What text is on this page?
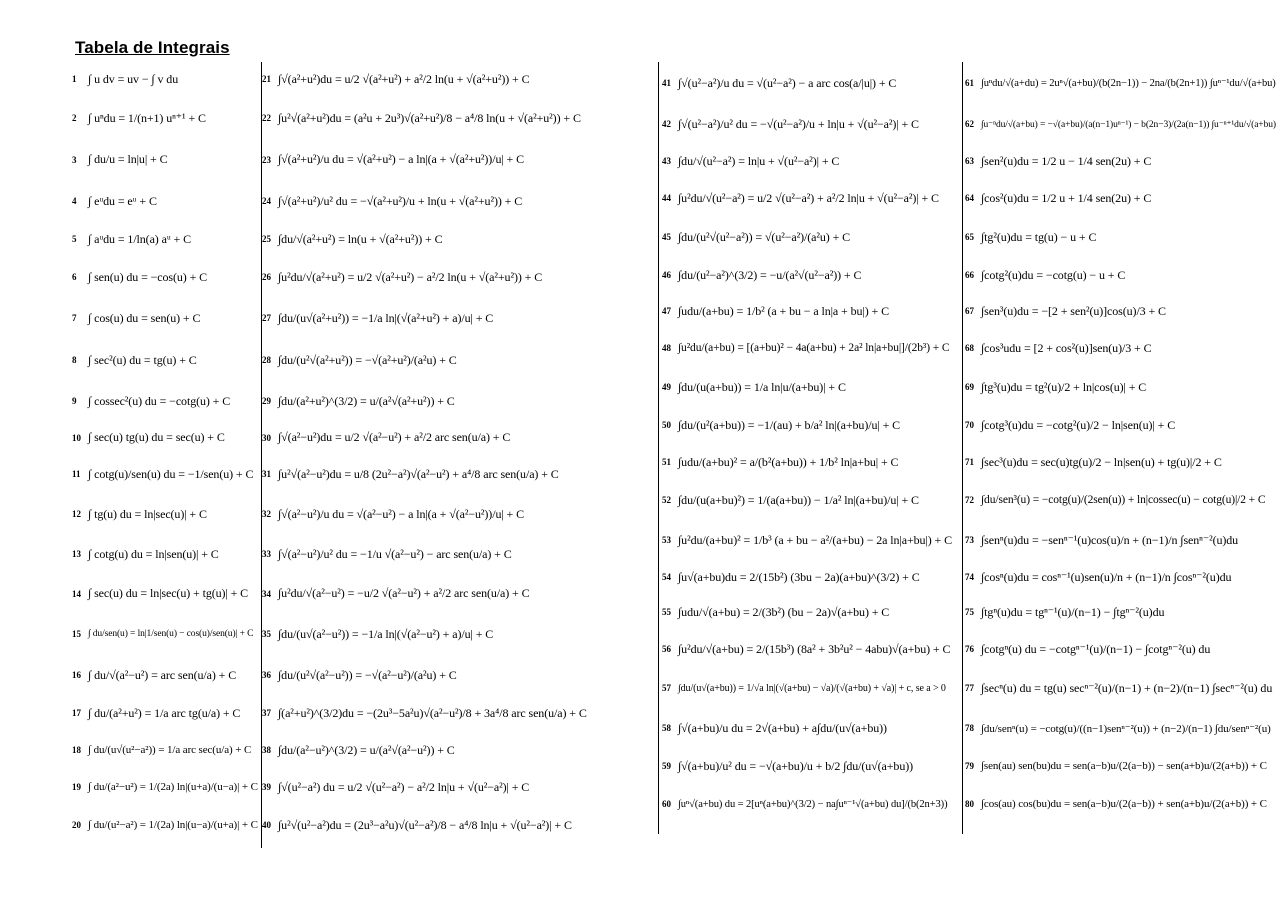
Tabela de Integrais
1 ∫ u dv = uv − ∫ v du
2 ∫ uⁿdu = 1/(n+1) uⁿ⁺¹ + C
3 ∫ du/u = ln|u| + C
4 ∫ eᵘdu = eᵘ + C
5 ∫ aᵘdu = 1/ln(a) aᵘ + C
6 ∫ sen(u) du = −cos(u) + C
7 ∫ cos(u) du = sen(u) + C
8 ∫ sec²(u) du = tg(u) + C
9 ∫ cossec²(u) du = −cotg(u) + C
10 ∫ sec(u) tg(u) du = sec(u) + C
11 ∫ cotg(u)/sen(u) du = −1/sen(u) + C
12 ∫ tg(u) du = ln|sec(u)| + C
13 ∫ cotg(u) du = ln|sen(u)| + C
14 ∫ sec(u) du = ln|sec(u) + tg(u)| + C
15 ∫ du/sen(u) = ln|1/sen(u) − cos(u)/sen(u)| + C
16 ∫ du/√(a²−u²) = arc sen(u/a) + C
17 ∫ du/(a²+u²) = 1/a arc tg(u/a) + C
18 ∫ du/(u√(u²−a²)) = 1/a arc sec(u/a) + C
19 ∫ du/(a²−u²) = 1/(2a) ln|(u+a)/(u−a)| + C
20 ∫ du/(u²−a²) = 1/(2a) ln|(u−a)/(u+a)| + C
21 ∫√(a²+u²)du = u/2 √(a²+u²) + a²/2 ln(u + √(a²+u²)) + C
22 ∫u²√(a²+u²)du = (a²u + 2u³)√(a²+u²)/8 − a⁴/8 ln(u + √(a²+u²)) + C
23 ∫√(a²+u²)/u du = √(a²+u²) − a ln|(a + √(a²+u²))/u| + C
24 ∫√(a²+u²)/u² du = −√(a²+u²)/u + ln(u + √(a²+u²)) + C
25 ∫du/√(a²+u²) = ln(u + √(a²+u²)) + C
26 ∫u²du/√(a²+u²) = u/2 √(a²+u²) − a²/2 ln(u + √(a²+u²)) + C
27 ∫du/(u√(a²+u²)) = −1/a ln|(√(a²+u²) + a)/u| + C
28 ∫du/(u²√(a²+u²)) = −√(a²+u²)/(a²u) + C
29 ∫du/(a²+u²)^(3/2) = u/(a²√(a²+u²)) + C
30 ∫√(a²−u²)du = u/2 √(a²−u²) + a²/2 arc sen(u/a) + C
31 ∫u²√(a²−u²)du = u/8 (2u²−a²)√(a²−u²) + a⁴/8 arc sen(u/a) + C
32 ∫√(a²−u²)/u du = √(a²−u²) − a ln|(a + √(a²−u²))/u| + C
33 ∫√(a²−u²)/u² du = −1/u √(a²−u²) − arc sen(u/a) + C
34 ∫u²du/√(a²−u²) = −u/2 √(a²−u²) + a²/2 arc sen(u/a) + C
35 ∫du/(u√(a²−u²)) = −1/a ln|(√(a²−u²) + a)/u| + C
36 ∫du/(u²√(a²−u²)) = −√(a²−u²)/(a²u) + C
37 ∫(a²+u²)^(3/2)du = −(2u³−5a²u)√(a²−u²)/8 + 3a⁴/8 arc sen(u/a) + C
38 ∫du/(a²−u²)^(3/2) = u/(a²√(a²−u²)) + C
39 ∫√(u²−a²) du = u/2 √(u²−a²) − a²/2 ln|u + √(u²−a²)| + C
40 ∫u²√(u²−a²)du = (2u³−a²u)√(u²−a²)/8 − a⁴/8 ln|u + √(u²−a²)| + C
41 ∫√(u²−a²)/u du = √(u²−a²) − a arc cos(a/|u|) + C
42 ∫√(u²−a²)/u² du = −√(u²−a²)/u + ln|u + √(u²−a²)| + C
43 ∫du/√(u²−a²) = ln|u + √(u²−a²)| + C
44 ∫u²du/√(u²−a²) = u/2 √(u²−a²) + a²/2 ln|u + √(u²−a²)| + C
45 ∫du/(u²√(u²−a²)) = √(u²−a²)/(a²u) + C
46 ∫du/(u²−a²)^(3/2) = −u/(a²√(u²−a²)) + C
47 ∫udu/(a+bu) = 1/b² (a + bu − a ln|a + bu|) + C
48 ∫u²du/(a+bu) = [(a+bu)² − 4a(a+bu) + 2a² ln|a+bu|]/(2b³) + C
49 ∫du/(u(a+bu)) = 1/a ln|u/(a+bu)| + C
50 ∫du/(u²(a+bu)) = −1/(au) + b/a² ln|(a+bu)/u| + C
51 ∫udu/(a+bu)² = a/(b²(a+bu)) + 1/b² ln|a+bu| + C
52 ∫du/(u(a+bu)²) = 1/(a(a+bu)) − 1/a² ln|(a+bu)/u| + C
53 ∫u²du/(a+bu)² = 1/b³ (a + bu − a²/(a+bu) − 2a ln|a+bu|) + C
54 ∫u√(a+bu)du = 2/(15b²) (3bu − 2a)(a+bu)^(3/2) + C
55 ∫udu/√(a+bu) = 2/(3b²) (bu − 2a)√(a+bu) + C
56 ∫u²du/√(a+bu) = 2/(15b³) (8a² + 3b²u² − 4abu)√(a+bu) + C
57 ∫du/(u√(a+bu)) = 1/√a ln|(√(a+bu) − √a)/(√(a+bu) + √a)| + c, se a > 0
58 ∫√(a+bu)/u du = 2√(a+bu) + a∫du/(u√(a+bu))
59 ∫√(a+bu)/u² du = −√(a+bu)/u + b/2 ∫du/(u√(a+bu))
60 ∫uⁿ√(a+bu) du = 2[uⁿ(a+bu)^(3/2) − na∫uⁿ⁻¹√(a+bu) du]/(b(2n+3))
61 ∫uⁿdu/√(a+du) = 2uⁿ√(a+bu)/(b(2n−1)) − 2na/(b(2n+1)) ∫uⁿ⁻¹du/√(a+bu)
62 ∫u⁻ⁿdu/√(a+bu) = −√(a+bu)/(a(n−1)uⁿ⁻¹) − b(2n−3)/(2a(n−1)) ∫u⁻ⁿ⁺¹du/√(a+bu)
63 ∫sen²(u)du = 1/2 u − 1/4 sen(2u) + C
64 ∫cos²(u)du = 1/2 u + 1/4 sen(2u) + C
65 ∫tg²(u)du = tg(u) − u + C
66 ∫cotg²(u)du = −cotg(u) − u + C
67 ∫sen³(u)du = −[2 + sen²(u)]cos(u)/3 + C
68 ∫cos³udu = [2 + cos²(u)]sen(u)/3 + C
69 ∫tg³(u)du = tg²(u)/2 + ln|cos(u)| + C
70 ∫cotg³(u)du = −cotg²(u)/2 − ln|sen(u)| + C
71 ∫sec³(u)du = sec(u)tg(u)/2 − ln|sen(u) + tg(u)|/2 + C
72 ∫du/sen³(u) = −cotg(u)/(2sen(u)) + ln|cossec(u) − cotg(u)|/2 + C
73 ∫senⁿ(u)du = −senⁿ⁻¹(u)cos(u)/n + (n−1)/n ∫senⁿ⁻²(u)du
74 ∫cosⁿ(u)du = cosⁿ⁻¹(u)sen(u)/n + (n−1)/n ∫cosⁿ⁻²(u)du
75 ∫tgⁿ(u)du = tgⁿ⁻¹(u)/(n−1) − ∫tgⁿ⁻²(u)du
76 ∫cotgⁿ(u) du = −cotgⁿ⁻¹(u)/(n−1) − ∫cotgⁿ⁻²(u) du
77 ∫secⁿ(u) du = tg(u) secⁿ⁻²(u)/(n−1) + (n−2)/(n−1) ∫secⁿ⁻²(u) du
78 ∫du/senⁿ(u) = −cotg(u)/((n−1)senⁿ⁻²(u)) + (n−2)/(n−1) ∫du/senⁿ⁻²(u)
79 ∫sen(au) sen(bu)du = sen(a−b)u/(2(a−b)) − sen(a+b)u/(2(a+b)) + C
80 ∫cos(au) cos(bu)du = sen(a−b)u/(2(a−b)) + sen(a+b)u/(2(a+b)) + C
